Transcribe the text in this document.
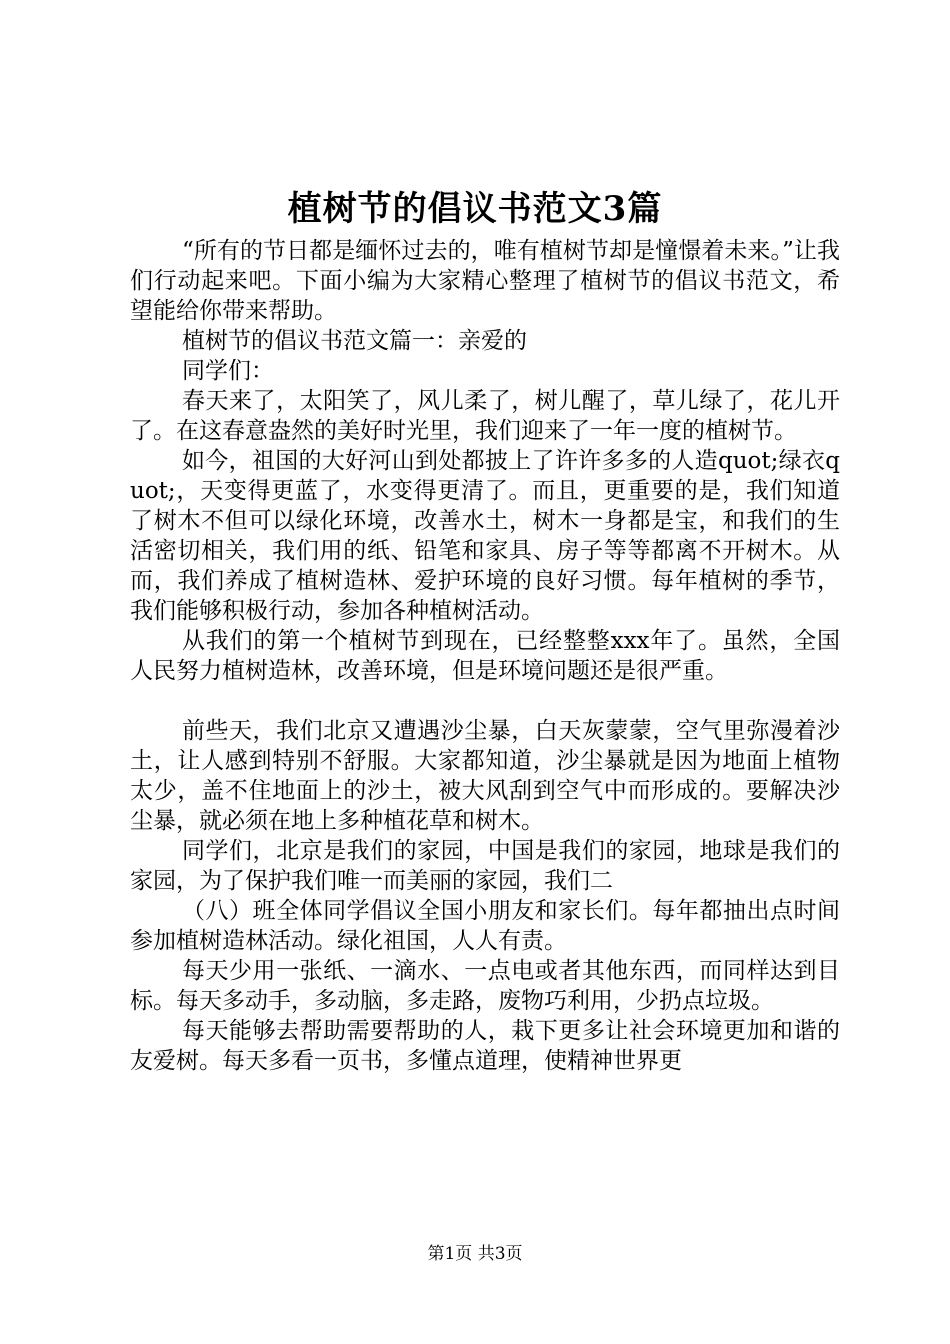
植树节的倡议书范文3篇

“所有的节日都是缅怀过去的，唯有植树节却是憧憬着未来。”让我们行动起来吧。下面小编为大家精心整理了植树节的倡议书范文，希望能给你带来帮助。

植树节的倡议书范文篇一：亲爱的

同学们：

春天来了，太阳笑了，风儿柔了，树儿醒了，草儿绿了，花儿开了。在这春意盎然的美好时光里，我们迎来了一年一度的植树节。

如今，祖国的大好河山到处都披上了许许多多的人造quot;绿衣quot;，天变得更蓝了，水变得更清了。而且，更重要的是，我们知道了树木不但可以绿化环境，改善水土，树木一身都是宝，和我们的生活密切相关，我们用的纸、铅笔和家具、房子等等都离不开树木。从而，我们养成了植树造林、爱护环境的良好习惯。每年植树的季节，我们能够积极行动，参加各种植树活动。

从我们的第一个植树节到现在，已经整整xxx年了。虽然，全国人民努力植树造林，改善环境，但是环境问题还是很严重。

前些天，我们北京又遭遇沙尘暴，白天灰蒙蒙，空气里弥漫着沙土，让人感到特别不舒服。大家都知道，沙尘暴就是因为地面上植物太少，盖不住地面上的沙土，被大风刮到空气中而形成的。要解决沙尘暴，就必须在地上多种植花草和树木。

同学们，北京是我们的家园，中国是我们的家园，地球是我们的家园，为了保护我们唯一而美丽的家园，我们二

（八）班全体同学倡议全国小朋友和家长们。每年都抽出点时间参加植树造林活动。绿化祖国，人人有责。

每天少用一张纸、一滴水、一点电或者其他东西，而同样达到目标。每天多动手，多动脑，多走路，废物巧利用，少扔点垃圾。

每天能够去帮助需要帮助的人，栽下更多让社会环境更加和谐的友爱树。每天多看一页书，多懂点道理，使精神世界更

第1页 共3页
